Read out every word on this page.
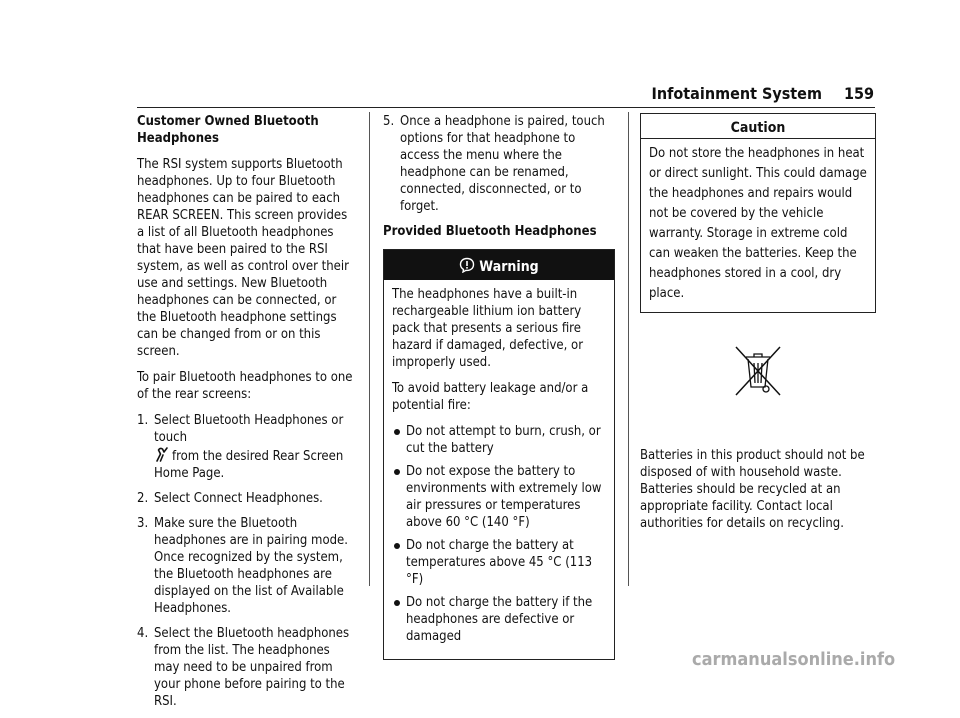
Infotainment System 159

Customer Owned Bluetooth Headphones

The RSI system supports Bluetooth headphones. Up to four Bluetooth headphones can be paired to each REAR SCREEN. This screen provides a list of all Bluetooth headphones that have been paired to the RSI system, as well as control over their use and settings. New Bluetooth headphones can be connected, or the Bluetooth headphone settings can be changed from or on this screen.

To pair Bluetooth headphones to one of the rear screens:

1. Select Bluetooth Headphones or touch
from the desired Rear Screen Home Page.
2. Select Connect Headphones.
3. Make sure the Bluetooth headphones are in pairing mode. Once recognized by the system, the Bluetooth headphones are displayed on the list of Available Headphones.
4. Select the Bluetooth headphones from the list. The headphones may need to be unpaired from your phone before pairing to the RSI.
5. Once a headphone is paired, touch options for that headphone to access the menu where the headphone can be renamed, connected, disconnected, or to forget.

Provided Bluetooth Headphones

Warning

The headphones have a built-in rechargeable lithium ion battery pack that presents a serious fire hazard if damaged, defective, or improperly used.

To avoid battery leakage and/or a potential fire:

Do not attempt to burn, crush, or cut the battery
Do not expose the battery to environments with extremely low air pressures or temperatures above 60 °C (140 °F)
Do not charge the battery at temperatures above 45 °C (113 °F)
Do not charge the battery if the headphones are defective or damaged
Caution
Do not store the headphones in heat or direct sunlight. This could damage the headphones and repairs would not be covered by the vehicle warranty. Storage in extreme cold can weaken the batteries. Keep the headphones stored in a cool, dry place.

Batteries in this product should not be disposed of with household waste. Batteries should be recycled at an appropriate facility. Contact local authorities for details on recycling.

carmanualsonline.info
